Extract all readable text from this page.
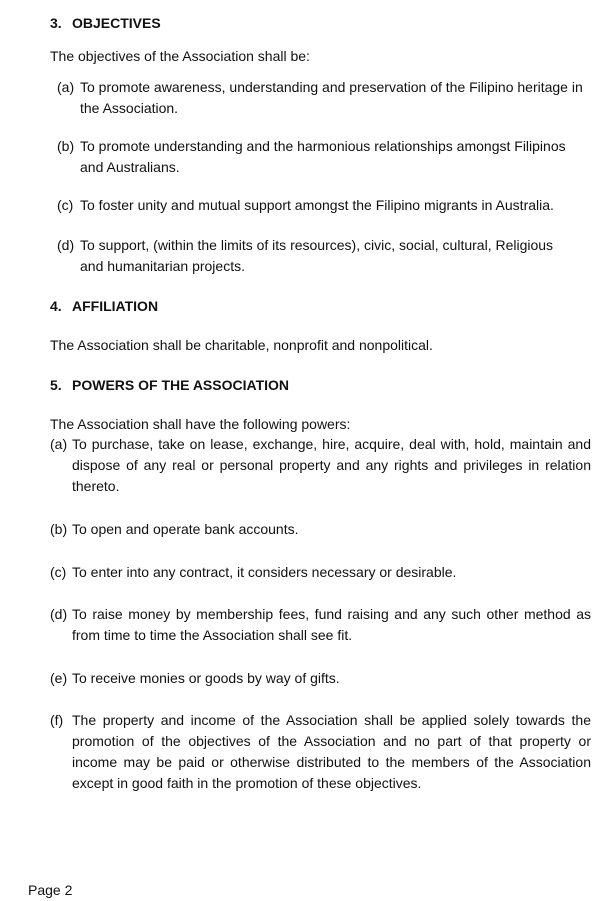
3. OBJECTIVES
The objectives of the Association shall be:
(a) To promote awareness, understanding and preservation of the Filipino heritage in the Association.
(b) To promote understanding and the harmonious relationships amongst Filipinos and Australians.
(c) To foster unity and mutual support amongst the Filipino migrants in Australia.
(d) To support, (within the limits of its resources), civic, social, cultural, Religious and humanitarian projects.
4. AFFILIATION
The Association shall be charitable, nonprofit and nonpolitical.
5. POWERS OF THE ASSOCIATION
The Association shall have the following powers:
(a) To purchase, take on lease, exchange, hire, acquire, deal with, hold, maintain and dispose of any real or personal property and any rights and privileges in relation thereto.
(b) To open and operate bank accounts.
(c) To enter into any contract, it considers necessary or desirable.
(d) To raise money by membership fees, fund raising and any such other method as from time to time the Association shall see fit.
(e) To receive monies or goods by way of gifts.
(f) The property and income of the Association shall be applied solely towards the promotion of the objectives of the Association and no part of that property or income may be paid or otherwise distributed to the members of the Association except in good faith in the promotion of these objectives.
Page 2
